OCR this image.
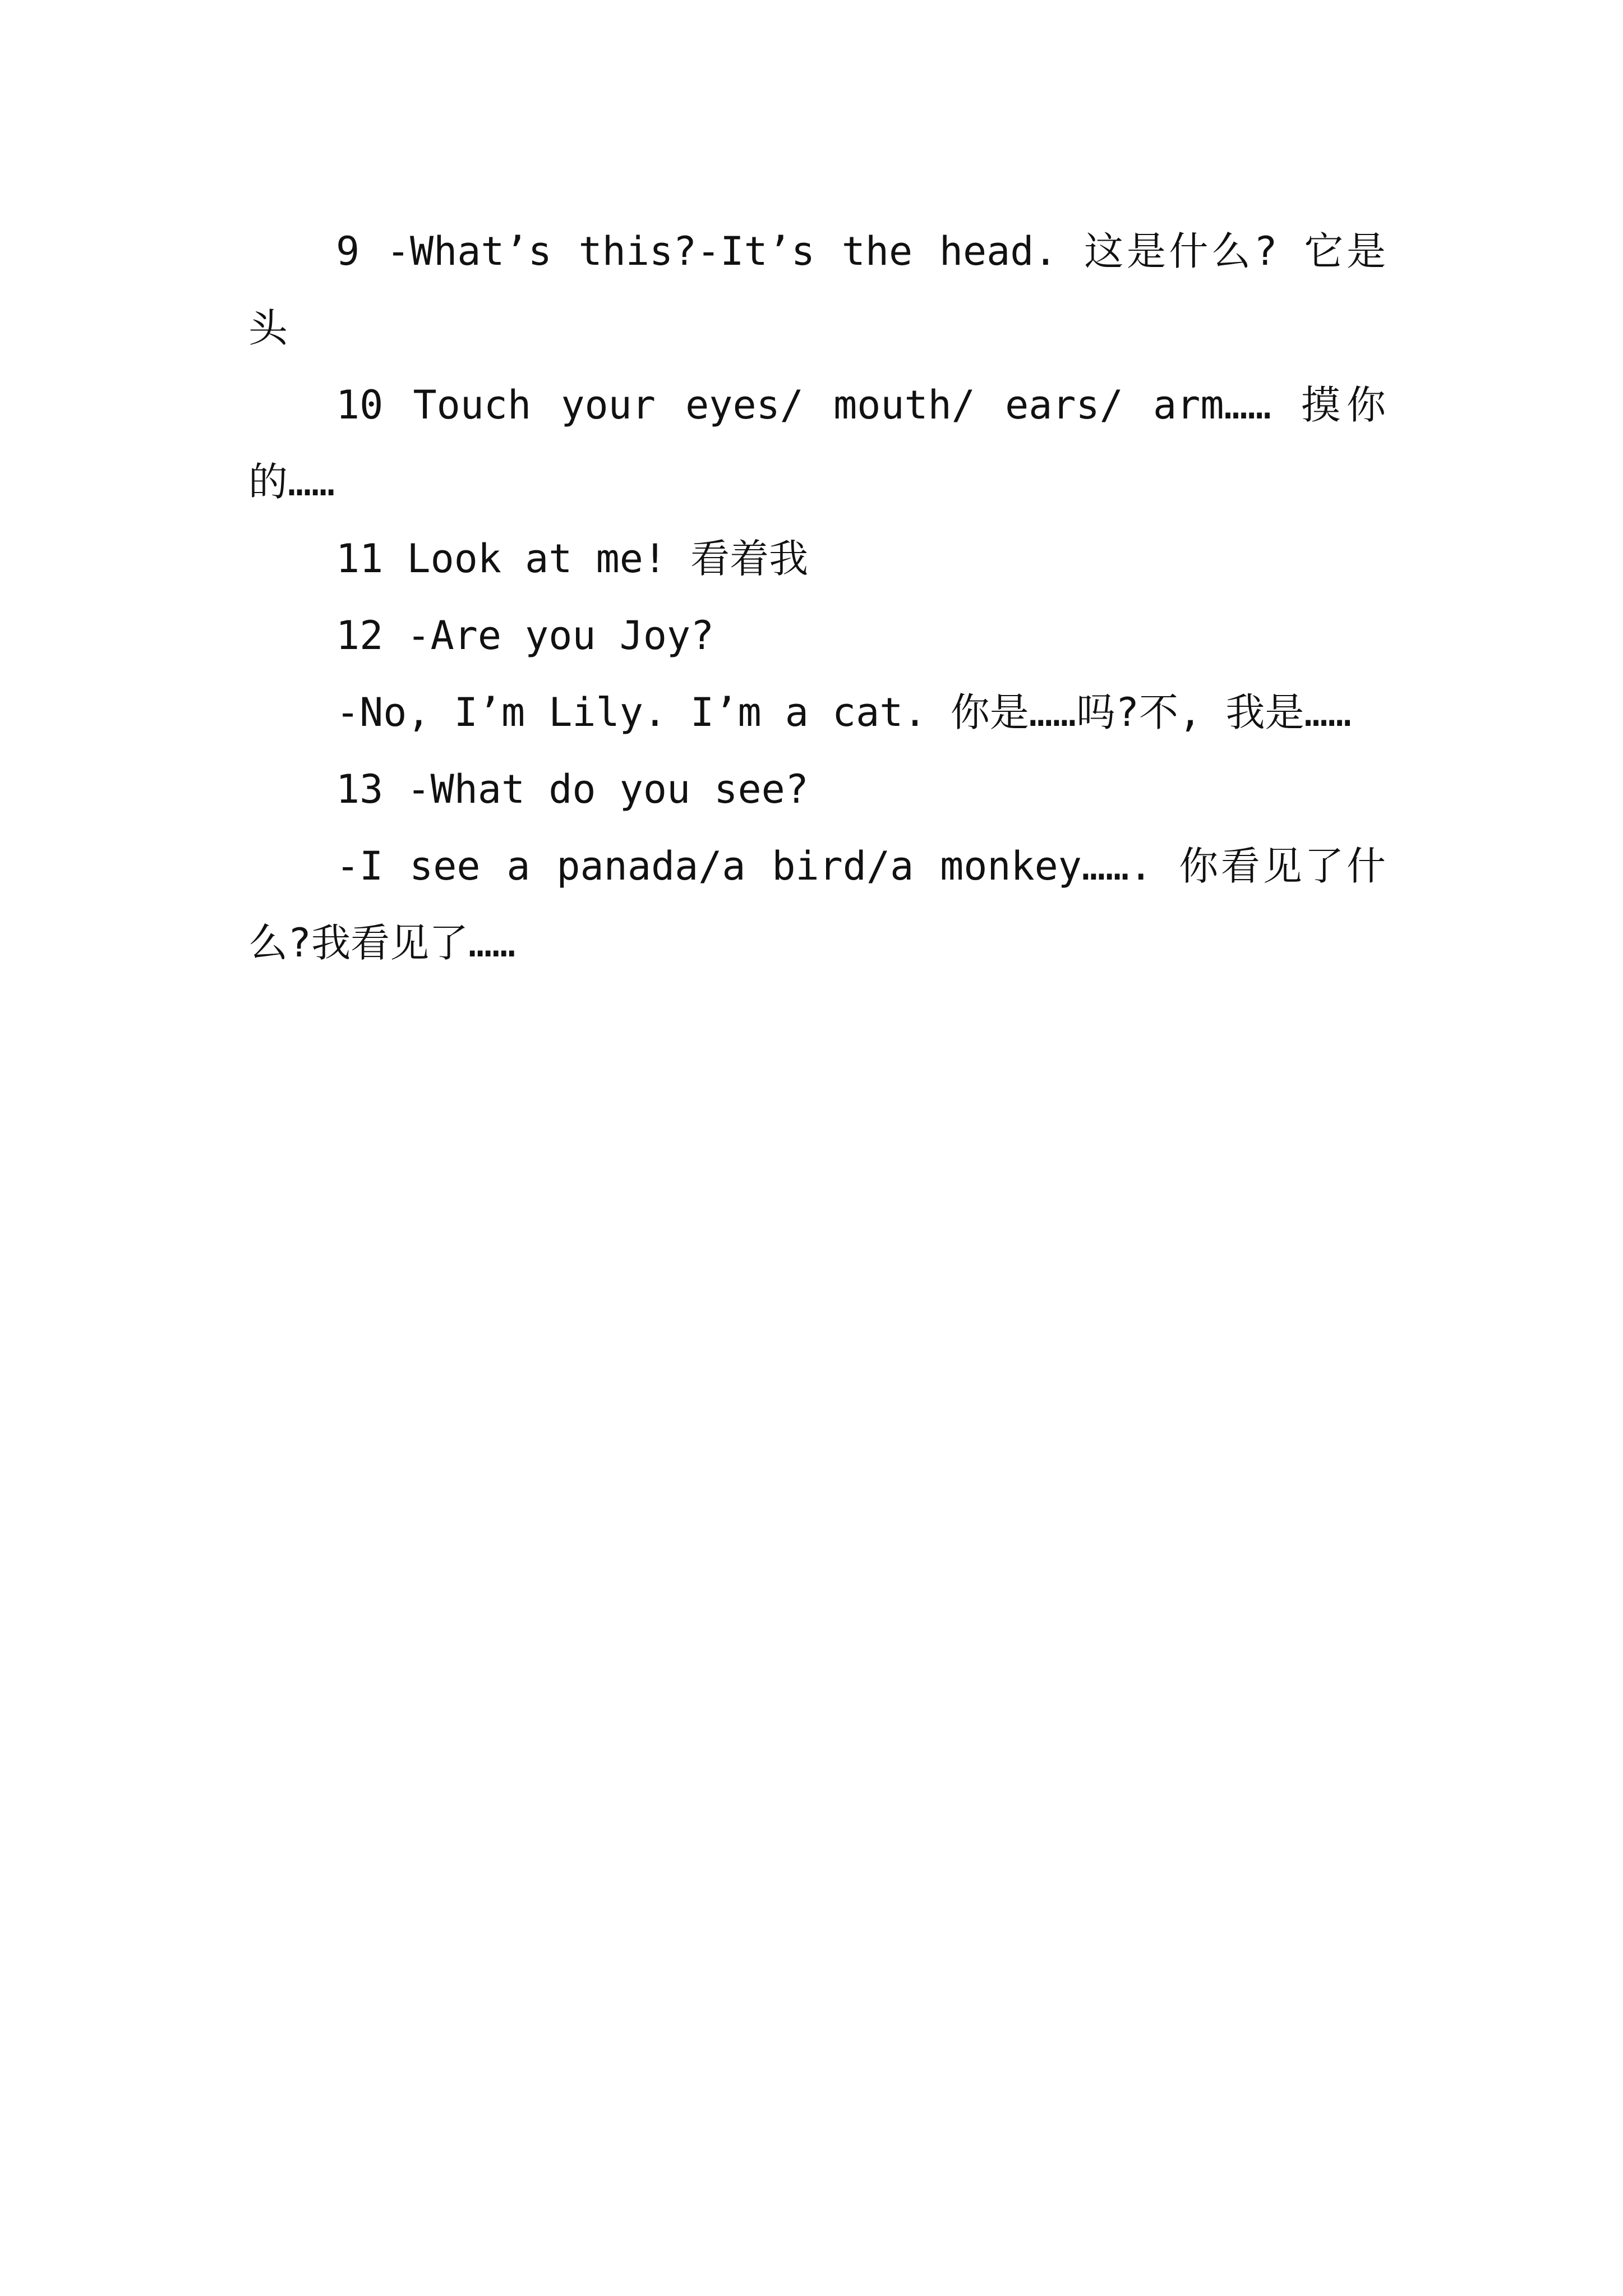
9 -What’s this?-It’s the head. 这是什么? 它是头

10 Touch your eyes/ mouth/ ears/ arm…… 摸你的……

11 Look at me! 看着我

12 -Are you Joy?

-No, I’m Lily. I’m a cat. 你是……吗?不, 我是……

13 -What do you see?

-I see a panada/a bird/a monkey……. 你看见了什么?我看见了……
